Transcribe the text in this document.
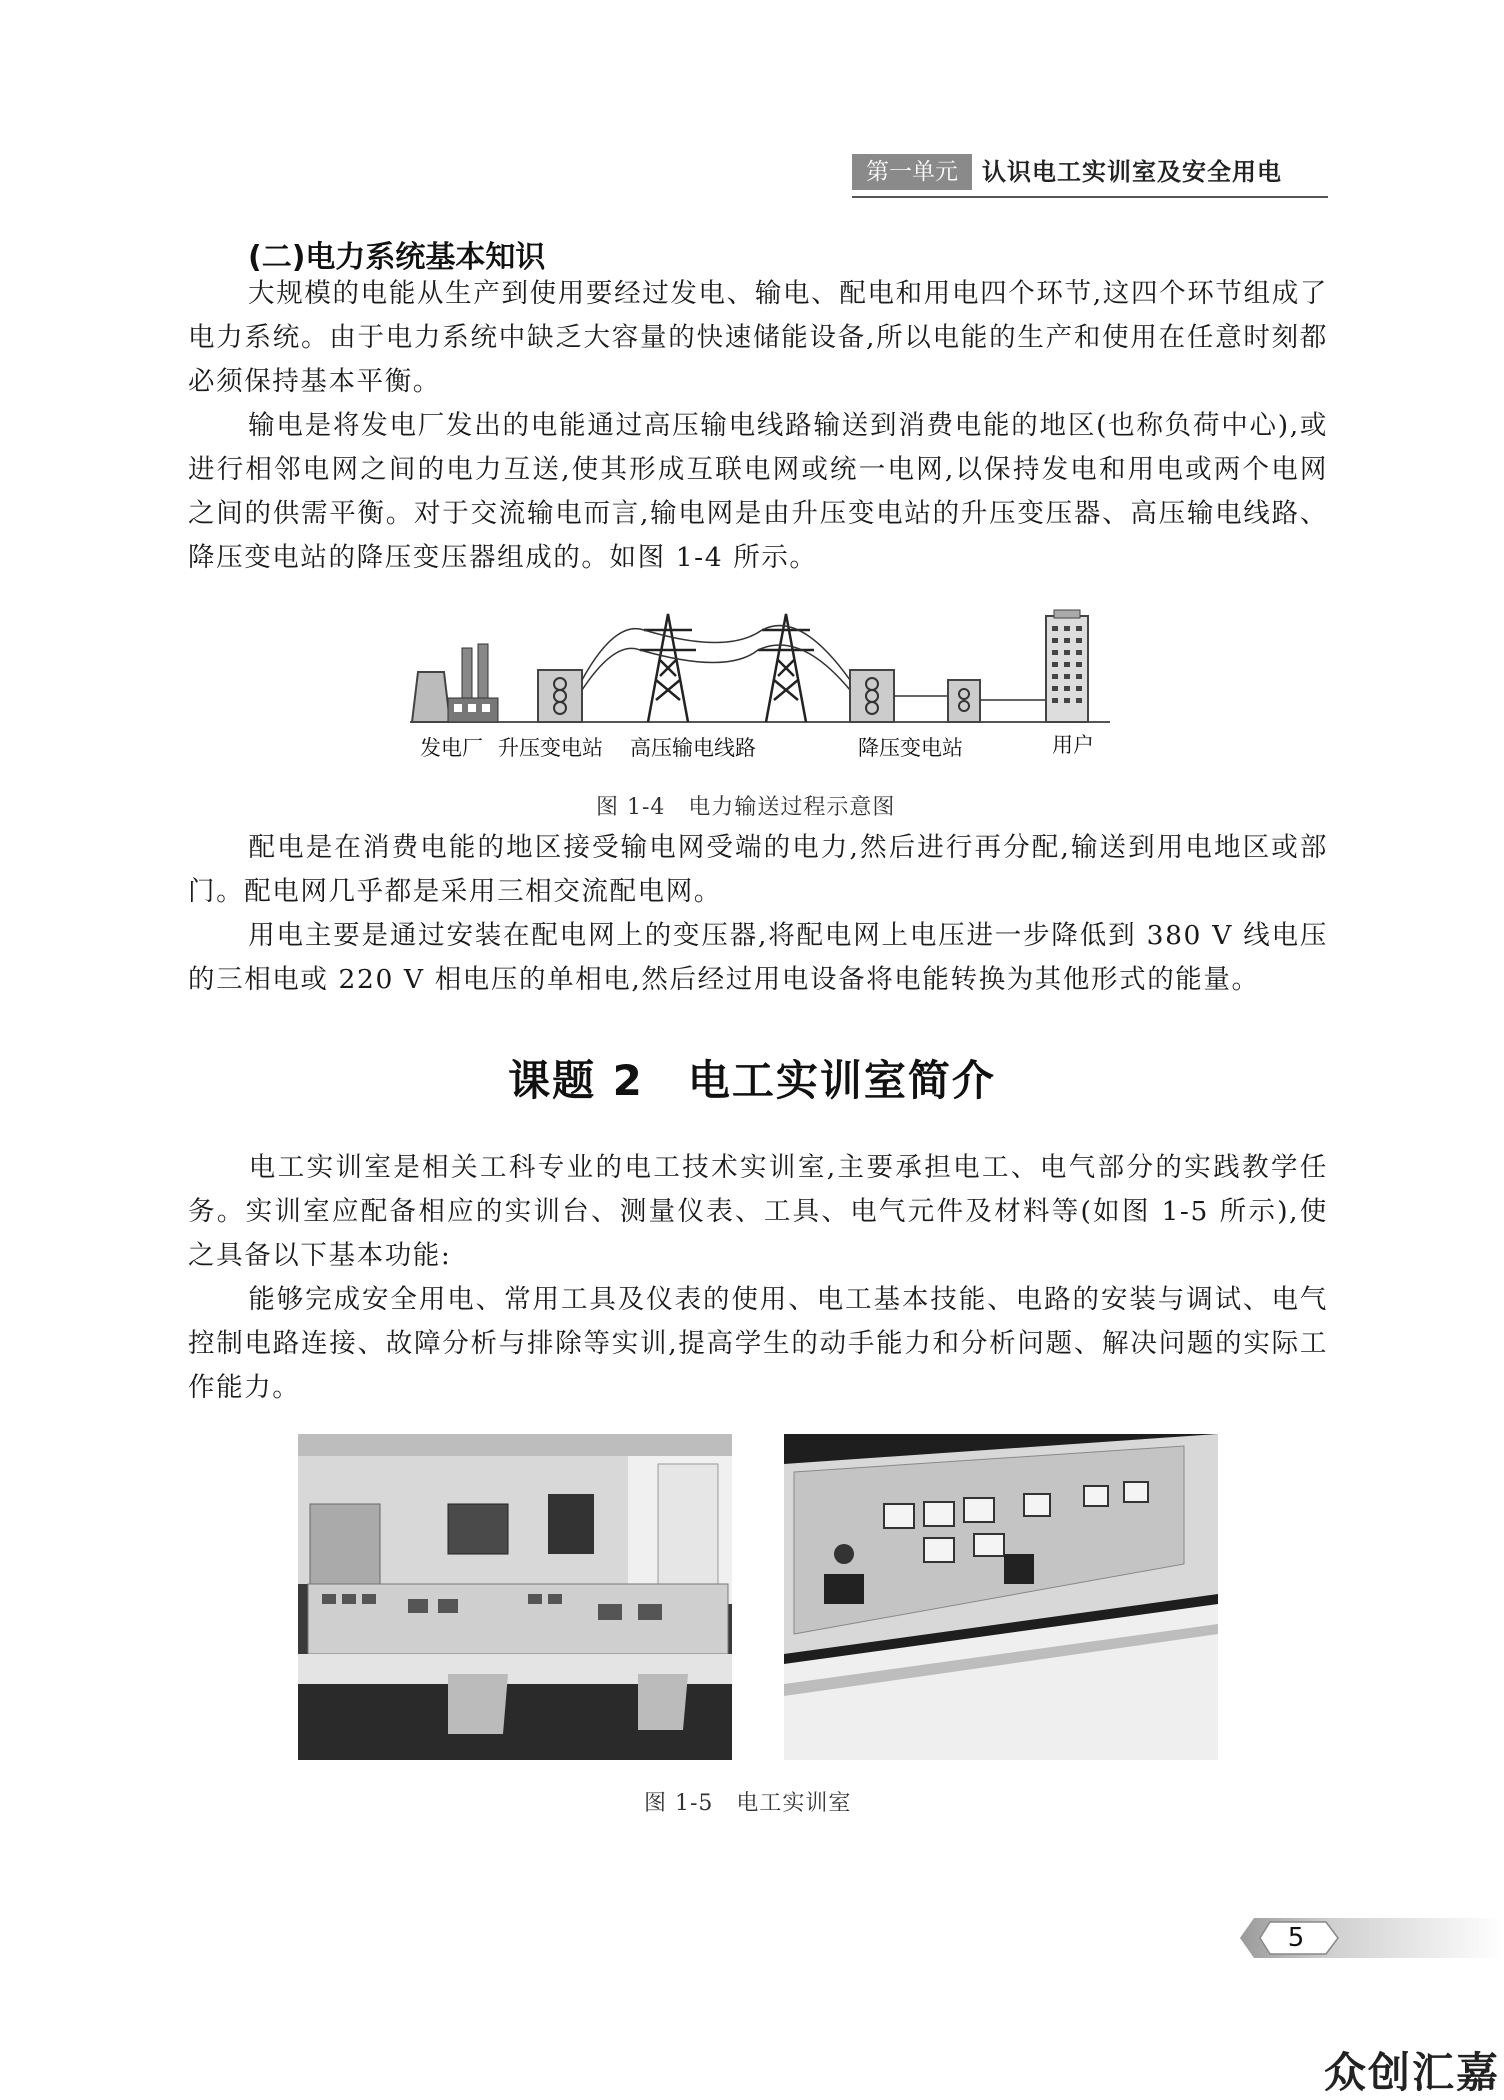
第一单元	认识电工实训室及安全用电
(二)电力系统基本知识

大规模的电能从生产到使用要经过发电、输电、配电和用电四个环节,这四个环节组成了电力系统。由于电力系统中缺乏大容量的快速储能设备,所以电能的生产和使用在任意时刻都必须保持基本平衡。

输电是将发电厂发出的电能通过高压输电线路输送到消费电能的地区(也称负荷中心),或进行相邻电网之间的电力互送,使其形成互联电网或统一电网,以保持发电和用电或两个电网之间的供需平衡。对于交流输电而言,输电网是由升压变电站的升压变压器、高压输电线路、降压变电站的降压变压器组成的。如图 1-4 所示。

发电厂 升压变电站 高压输电线路	降压变电站	用户
图 1-4　电力输送过程示意图

配电是在消费电能的地区接受输电网受端的电力,然后进行再分配,输送到用电地区或部门。配电网几乎都是采用三相交流配电网。

用电主要是通过安装在配电网上的变压器,将配电网上电压进一步降低到 380 V 线电压的三相电或 220 V 相电压的单相电,然后经过用电设备将电能转换为其他形式的能量。

课题 2　电工实训室简介

电工实训室是相关工科专业的电工技术实训室,主要承担电工、电气部分的实践教学任务。实训室应配备相应的实训台、测量仪表、工具、电气元件及材料等(如图 1-5 所示),使之具备以下基本功能:

能够完成安全用电、常用工具及仪表的使用、电工基本技能、电路的安装与调试、电气控制电路连接、故障分析与排除等实训,提高学生的动手能力和分析问题、解决问题的实际工作能力。

图 1-5　电工实训室
5
众创汇嘉
